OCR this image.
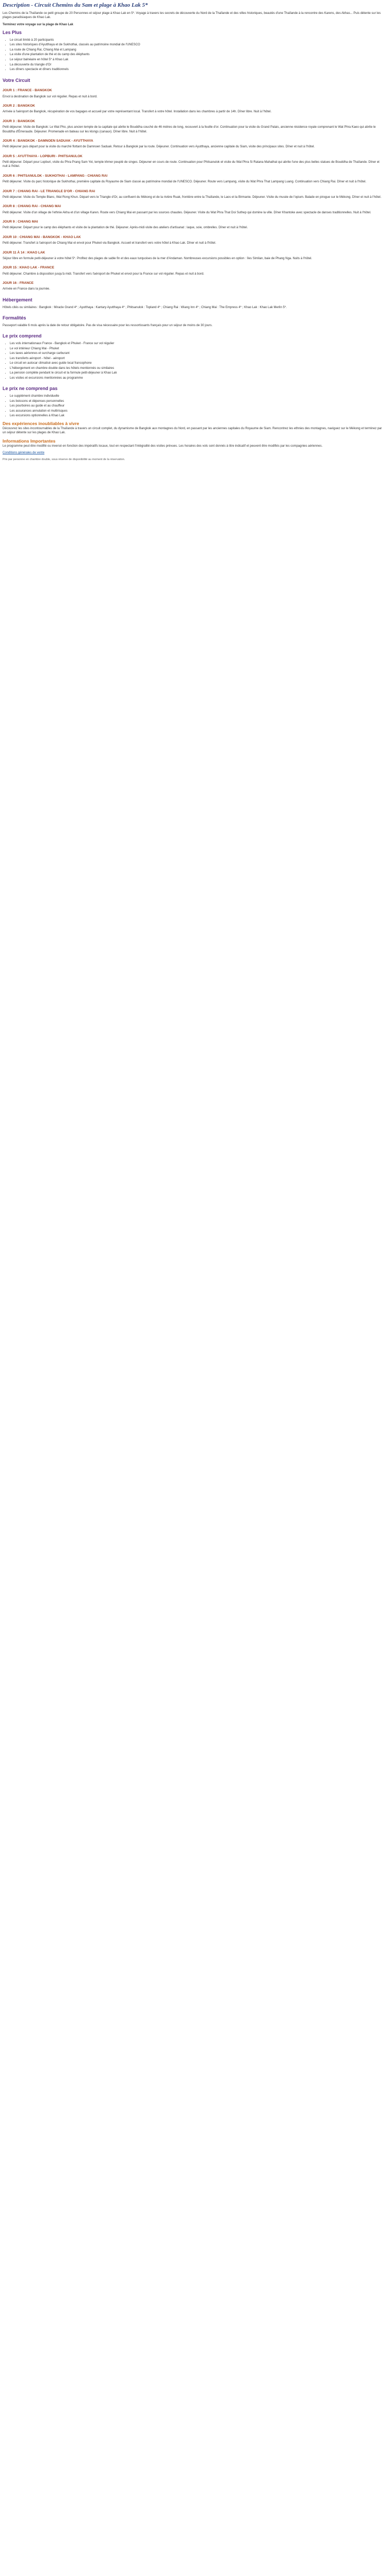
Description - Circuit Chemins du Sam et plage à Khao Lak 5*

Les Chemins de la Thaïlande ce petit groupe de 20 Personnes et séjour plage à Khao Lak en 5*. Voyage à travers les secrets de découverte du Nord de la Thaïlande et des villes historiques, beautés d'une Thaïlande à la rencontre des Karens, des Akhas... Puis détente sur les plages paradisiaques de Khao Lak.

Terminez votre voyage sur la plage de Khao Lak

Les Plus
• Le circuit limité à 20 participants
• Les sites historiques d'Ayutthaya et de Sukhothai, classés au patrimoine mondial de l'UNESCO
• La route de Chiang Rai, Chiang Mai et Lampang
• La visite d'une plantation de thé et du camp des éléphants
• Le séjour balnéaire en hôtel 5* à Khao Lak
• La découverte du triangle d'Or
• Les dîners spectacle et dîners traditionnels
Votre Circuit
JOUR 1 : FRANCE - BANGKOK

Envol à destination de Bangkok sur vol régulier. Repas et nuit à bord.

JOUR 2 : BANGKOK

Arrivée à l'aéroport de Bangkok, récupération de vos bagages et accueil par votre représentant local. Transfert à votre hôtel. Installation dans les chambres à partir de 14h. Dîner libre. Nuit à l'hôtel.

JOUR 3 : BANGKOK

Petit déjeuner. Visite de Bangkok: Le Wat Pho, plus ancien temple de la capitale qui abrite le Bouddha couché de 46 mètres de long, recouvert à la feuille d'or. Continuation pour la visite du Grand Palais, ancienne résidence royale comprenant le Wat Phra Kaeo qui abrite le Bouddha d'Émeraude. Déjeuner. Promenade en bateau sur les klongs (canaux). Dîner libre. Nuit à l'hôtel.

JOUR 4 : BANGKOK - DAMNOEN SADUAK - AYUTTHAYA

Petit déjeuner puis départ pour la visite du marché flottant de Damnoen Saduak. Retour à Bangkok par la route. Déjeuner. Continuation vers Ayutthaya, ancienne capitale du Siam, visite des principaux sites. Dîner et nuit à l'hôtel.

JOUR 5 : AYUTTHAYA - LOPBURI - PHITSANULOK

Petit déjeuner. Départ pour Lopburi, visite du Phra Prang Sam Yot, temple khmer peuplé de singes. Déjeuner en cours de route. Continuation pour Phitsanulok et visite du Wat Phra Si Ratana Mahathat qui abrite l'une des plus belles statues de Bouddha de Thaïlande. Dîner et nuit à l'hôtel.

JOUR 6 : PHITSANULOK - SUKHOTHAI - LAMPANG - CHIANG RAI

Petit déjeuner. Visite du parc historique de Sukhothai, première capitale du Royaume de Siam classé au patrimoine mondial de l'UNESCO. Déjeuner. Route vers Lampang, visite du Wat Phra That Lampang Luang. Continuation vers Chiang Rai. Dîner et nuit à l'hôtel.

JOUR 7 : CHIANG RAI - LE TRIANGLE D'OR - CHIANG RAI

Petit déjeuner. Visite du Temple Blanc, Wat Rong Khun. Départ vers le Triangle d'Or, au confluent du Mékong et de la rivière Ruak, frontière entre la Thaïlande, le Laos et la Birmanie. Déjeuner. Visite du musée de l'opium. Balade en pirogue sur le Mékong. Dîner et nuit à l'hôtel.

JOUR 8 : CHIANG RAI - CHIANG MAI

Petit déjeuner. Visite d'un village de l'ethnie Akha et d'un village Karen. Route vers Chiang Mai en passant par les sources chaudes. Déjeuner. Visite du Wat Phra That Doi Suthep qui domine la ville. Dîner Khantoke avec spectacle de danses traditionnelles. Nuit à l'hôtel.

JOUR 9 : CHIANG MAI

Petit déjeuner. Départ pour le camp des éléphants et visite de la plantation de thé. Déjeuner. Après-midi visite des ateliers d'artisanat : laque, soie, ombrelles. Dîner et nuit à l'hôtel.

JOUR 10 : CHIANG MAI - BANGKOK - KHAO LAK

Petit déjeuner. Transfert à l'aéroport de Chiang Mai et envol pour Phuket via Bangkok. Accueil et transfert vers votre hôtel à Khao Lak. Dîner et nuit à l'hôtel.

JOUR 11 À 14 : KHAO LAK

Séjour libre en formule petit-déjeuner à votre hôtel 5*. Profitez des plages de sable fin et des eaux turquoises de la mer d'Andaman. Nombreuses excursions possibles en option : îles Similan, baie de Phang Nga. Nuits à l'hôtel.

JOUR 15 : KHAO LAK - FRANCE

Petit déjeuner. Chambre à disposition jusqu'à midi. Transfert vers l'aéroport de Phuket et envol pour la France sur vol régulier. Repas et nuit à bord.

JOUR 16 : FRANCE

Arrivée en France dans la journée.

Hébergement

Hôtels cités ou similaires : Bangkok : Miracle Grand 4* ; Ayutthaya : Kantary Ayutthaya 4* ; Phitsanulok : Topland 4* ; Chiang Rai : Wiang Inn 4* ; Chiang Mai : The Empress 4* ; Khao Lak : Khao Lak Merlin 5*.

Formalités

Passeport valable 6 mois après la date de retour obligatoire. Pas de visa nécessaire pour les ressortissants français pour un séjour de moins de 30 jours.

Le prix comprend
• Les vols internationaux France - Bangkok et Phuket - France sur vol régulier
• Le vol intérieur Chiang Mai - Phuket
• Les taxes aériennes et surcharge carburant
• Les transferts aéroport - hôtel - aéroport
• Le circuit en autocar climatisé avec guide local francophone
• L'hébergement en chambre double dans les hôtels mentionnés ou similaires
• La pension complète pendant le circuit et la formule petit-déjeuner à Khao Lak
• Les visites et excursions mentionnées au programme
Le prix ne comprend pas
• Le supplément chambre individuelle
• Les boissons et dépenses personnelles
• Les pourboires au guide et au chauffeur
• Les assurances annulation et multirisques
• Les excursions optionnelles à Khao Lak
Des expériences inoubliables à vivre

Découvrez les sites incontournables de la Thaïlande à travers un circuit complet, du dynamisme de Bangkok aux montagnes du Nord, en passant par les anciennes capitales du Royaume de Siam. Rencontrez les ethnies des montagnes, naviguez sur le Mékong et terminez par un séjour détente sur les plages de Khao Lak.

Informations Importantes

Le programme peut être modifié ou inversé en fonction des impératifs locaux, tout en respectant l'intégralité des visites prévues. Les horaires des vols sont donnés à titre indicatif et peuvent être modifiés par les compagnies aériennes.

Conditions générales de vente

Prix par personne en chambre double, sous réserve de disponibilité au moment de la réservation.
